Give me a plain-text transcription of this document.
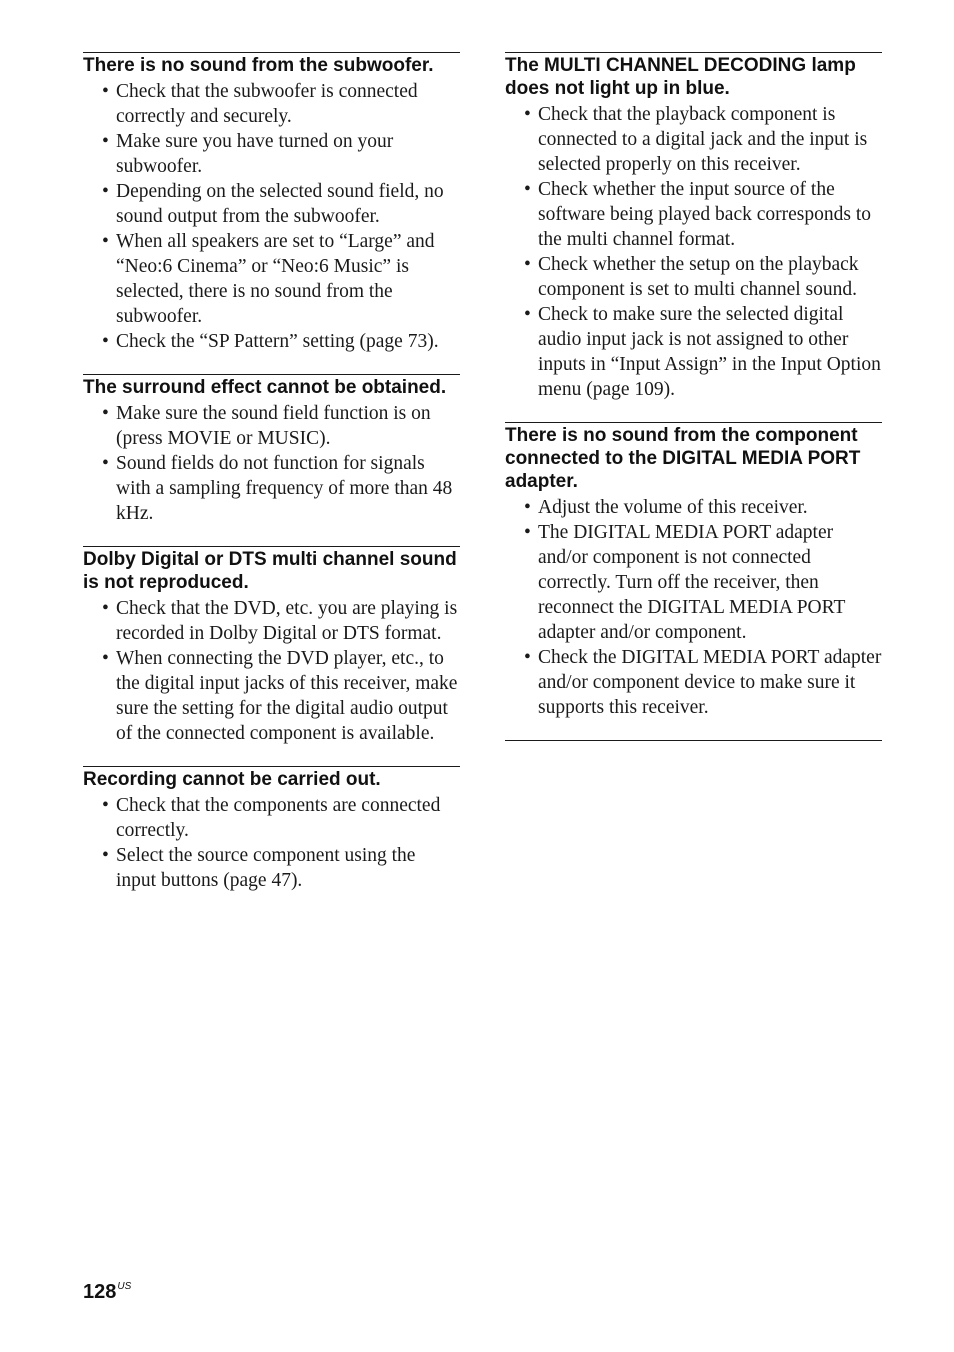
There is no sound from the subwoofer.
• Check that the subwoofer is connected correctly and securely.
• Make sure you have turned on your subwoofer.
• Depending on the selected sound field, no sound output from the subwoofer.
• When all speakers are set to “Large” and “Neo:6 Cinema” or “Neo:6 Music” is selected, there is no sound from the subwoofer.
• Check the “SP Pattern” setting (page 73).
The surround effect cannot be obtained.
• Make sure the sound field function is on (press MOVIE or MUSIC).
• Sound fields do not function for signals with a sampling frequency of more than 48 kHz.
Dolby Digital or DTS multi channel sound is not reproduced.
• Check that the DVD, etc. you are playing is recorded in Dolby Digital or DTS format.
• When connecting the DVD player, etc., to the digital input jacks of this receiver, make sure the setting for the digital audio output of the connected component is available.
Recording cannot be carried out.
• Check that the components are connected correctly.
• Select the source component using the input buttons (page 47).
The MULTI CHANNEL DECODING lamp does not light up in blue.
• Check that the playback component is connected to a digital jack and the input is selected properly on this receiver.
• Check whether the input source of the software being played back corresponds to the multi channel format.
• Check whether the setup on the playback component is set to multi channel sound.
• Check to make sure the selected digital audio input jack is not assigned to other inputs in “Input Assign” in the Input Option menu (page 109).
There is no sound from the component connected to the DIGITAL MEDIA PORT adapter.
• Adjust the volume of this receiver.
• The DIGITAL MEDIA PORT adapter and/or component is not connected correctly. Turn off the receiver, then reconnect the DIGITAL MEDIA PORT adapter and/or component.
• Check the DIGITAL MEDIA PORT adapter and/or component device to make sure it supports this receiver.
$128^{US}$
